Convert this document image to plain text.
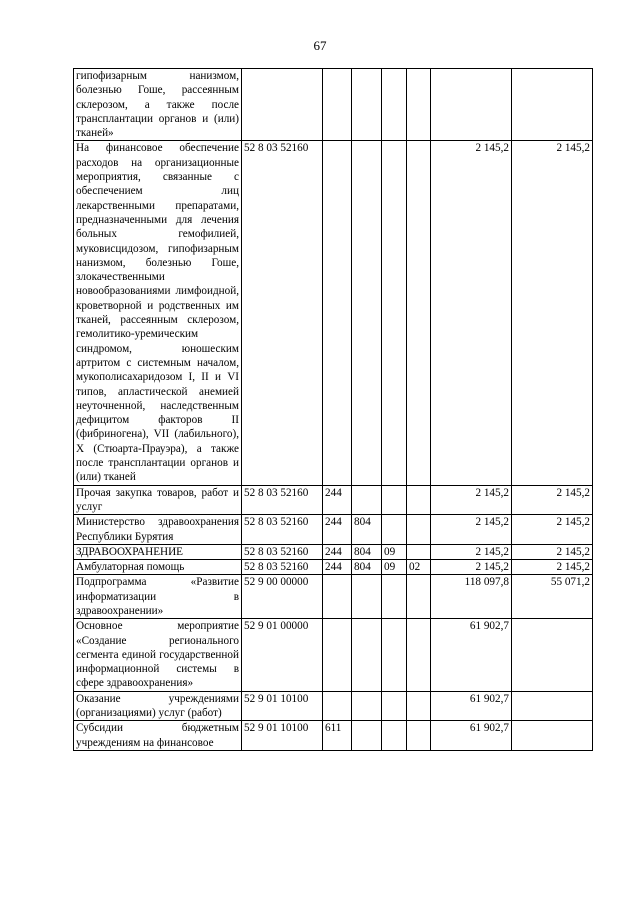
67
гипофизарным нанизмом, болезнью Гоше, рассеянным склерозом, а также после трансплантации органов и (или) тканей»							
На финансовое обеспечение расходов на организационные мероприятия, связанные с обеспечением лиц лекарственными препаратами, предназначенными для лечения больных гемофилией, муковисцидозом, гипофизарным нанизмом, болезнью Гоше, злокачественными новообразованиями лимфоидной, кроветворной и родственных им тканей, рассеянным склерозом, гемолитико-уремическим синдромом, юношеским артритом с системным началом, мукополисахаридозом I, II и VI типов, апластической анемией неуточненной, наследственным дефицитом факторов II (фибриногена), VII (лабильного), X (Стюарта-Прауэра), а также после трансплантации органов и (или) тканей	52 8 03 52160					2 145,2	2 145,2
Прочая закупка товаров, работ и услуг	52 8 03 52160	244				2 145,2	2 145,2
Министерство здравоохранения Республики Бурятия	52 8 03 52160	244	804			2 145,2	2 145,2
ЗДРАВООХРАНЕНИЕ	52 8 03 52160	244	804	09		2 145,2	2 145,2
Амбулаторная помощь	52 8 03 52160	244	804	09	02	2 145,2	2 145,2
Подпрограмма «Развитие информатизации в здравоохранении»	52 9 00 00000					118 097,8	55 071,2
Основное мероприятие «Создание регионального сегмента единой государственной информационной системы в сфере здравоохранения»	52 9 01 00000					61 902,7	
Оказание учреждениями (организациями) услуг (работ)	52 9 01 10100					61 902,7	
Субсидии бюджетным учреждениям на финансовое	52 9 01 10100	611				61 902,7	
